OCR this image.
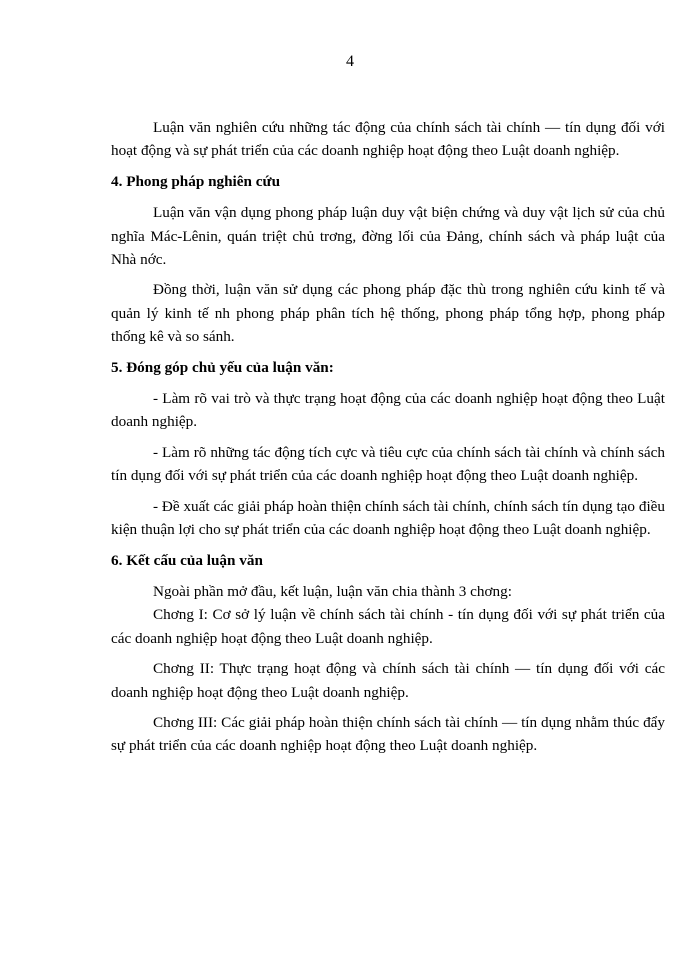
4

Luận văn nghiên cứu những tác động của chính sách tài chính — tín dụng đối với hoạt động và sự phát triển của các doanh nghiệp hoạt động theo Luật doanh nghiệp.

4. Phong pháp nghiên cứu

Luận văn vận dụng phong pháp luận duy vật biện chứng và duy vật lịch sử của chủ nghĩa Mác-Lênin, quán triệt chủ trơng, đờng lối của Đảng, chính sách và pháp luật của Nhà nớc.

Đồng thời, luận văn sử dụng các phong pháp đặc thù trong nghiên cứu kinh tế và quản lý kinh tế nh phong pháp phân tích hệ thống, phong pháp tổng hợp, phong pháp thống kê và so sánh.

5. Đóng góp chủ yếu của luận văn:

- Làm rõ vai trò và thực trạng hoạt động của các doanh nghiệp hoạt động theo Luật doanh nghiệp.

- Làm rõ những tác động tích cực và tiêu cực của chính sách tài chính và chính sách tín dụng đối với sự phát triển của các doanh nghiệp hoạt động theo Luật doanh nghiệp.

- Đề xuất các giải pháp hoàn thiện chính sách tài chính, chính sách tín dụng tạo điều kiện thuận lợi cho sự phát triển của các doanh nghiệp hoạt động theo Luật doanh nghiệp.

6. Kết cấu của luận văn

Ngoài phần mở đầu, kết luận, luận văn chia thành 3 chơng:

Chơng I: Cơ sở lý luận về chính sách tài chính - tín dụng đối với sự phát triển của các doanh nghiệp hoạt động theo Luật doanh nghiệp.

Chơng II: Thực trạng hoạt động và chính sách tài chính — tín dụng đối với các doanh nghiệp hoạt động theo Luật doanh nghiệp.

Chơng III: Các giải pháp hoàn thiện chính sách tài chính — tín dụng nhằm thúc đẩy sự phát triển của các doanh nghiệp hoạt động theo Luật doanh nghiệp.
